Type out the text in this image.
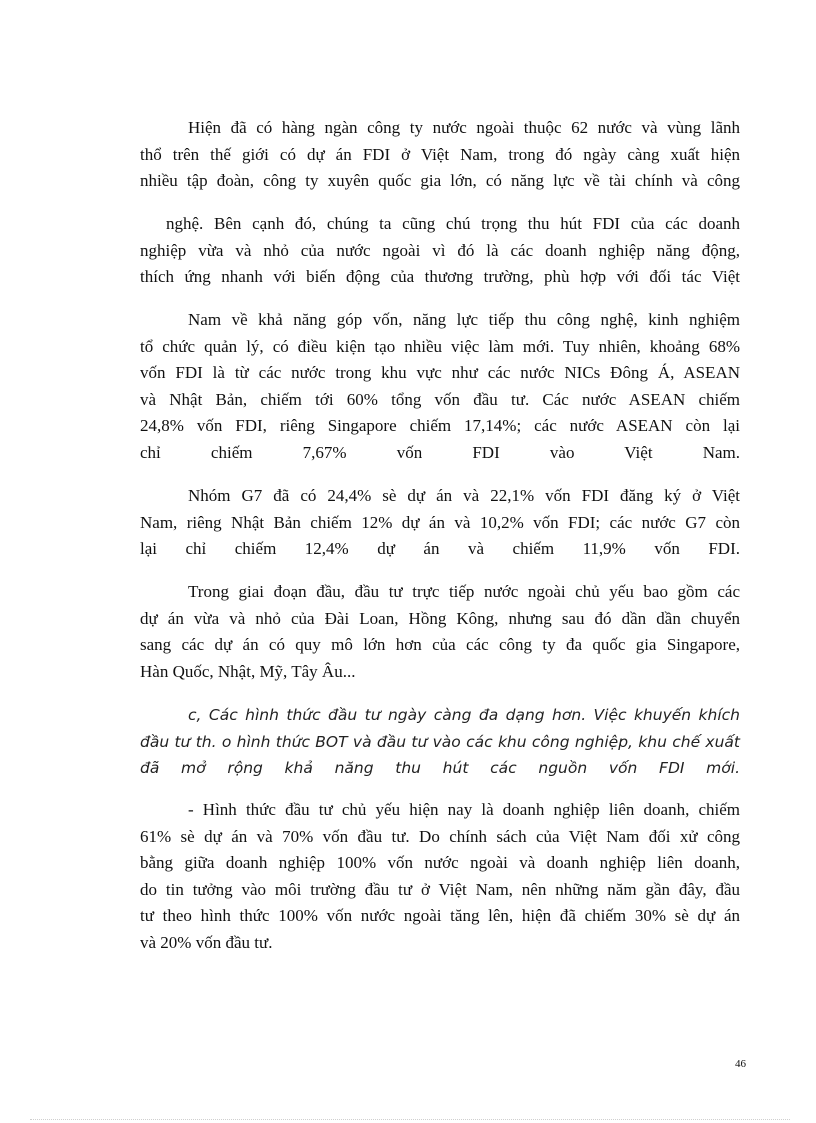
Hiện đã có hàng ngàn công ty nước ngoài thuộc 62 nước và vùng lãnh
thổ trên thế giới có dự án FDI ở Việt Nam, trong đó ngày càng xuất hiện
nhiều tập đoàn, công ty xuyên quốc gia lớn, có năng lực về tài chính và công
nghệ. Bên cạnh đó, chúng ta cũng chú trọng thu hút FDI của các doanh
nghiệp vừa và nhỏ của nước ngoài vì đó là các doanh nghiệp năng động,
thích ứng nhanh với biến động của thương trường, phù hợp với đối tác Việt
Nam về khả năng góp vốn, năng lực tiếp thu công nghệ, kinh nghiệm
tổ chức quản lý, có điều kiện tạo nhiều việc làm mới. Tuy nhiên, khoảng 68%
vốn FDI là từ các nước trong khu vực như các nước NICs Đông Á, ASEAN
và Nhật Bản, chiếm tới 60% tổng vốn đầu tư. Các nước ASEAN chiếm
24,8% vốn FDI, riêng Singapore chiếm 17,14%; các nước ASEAN còn lại
chỉ chiếm 7,67% vốn FDI vào Việt Nam.
Nhóm G7 đã có 24,4% sè dự án và 22,1% vốn FDI đăng ký ở Việt
Nam, riêng Nhật Bản chiếm 12% dự án và 10,2% vốn FDI; các nước G7 còn
lại chỉ chiếm 12,4% dự án và chiếm 11,9% vốn FDI.
Trong giai đoạn đầu, đầu tư trực tiếp nước ngoài chủ yếu bao gồm các
dự án vừa và nhỏ của Đài Loan, Hồng Kông, nhưng sau đó dần dần chuyển
sang các dự án có quy mô lớn hơn của các công ty đa quốc gia Singapore,
Hàn Quốc, Nhật, Mỹ, Tây Âu...
c, Các hình thức đầu tư ngày càng đa dạng hơn. Việc khuyến khích
đầu tư th. o hình thức BOT và đầu tư vào các khu công nghiệp, khu chế xuất
đã mở rộng khả năng thu hút các nguồn vốn FDI mới.
- Hình thức đầu tư chủ yếu hiện nay là doanh nghiệp liên doanh, chiếm
61% sè dự án và 70% vốn đầu tư. Do chính sách của Việt Nam đối xử công
bằng giữa doanh nghiệp 100% vốn nước ngoài và doanh nghiệp liên doanh,
do tin tưởng vào môi trường đầu tư ở Việt Nam, nên những năm gần đây, đầu
tư theo hình thức 100% vốn nước ngoài tăng lên, hiện đã chiếm 30% sè dự án
và 20% vốn đầu tư.
46
